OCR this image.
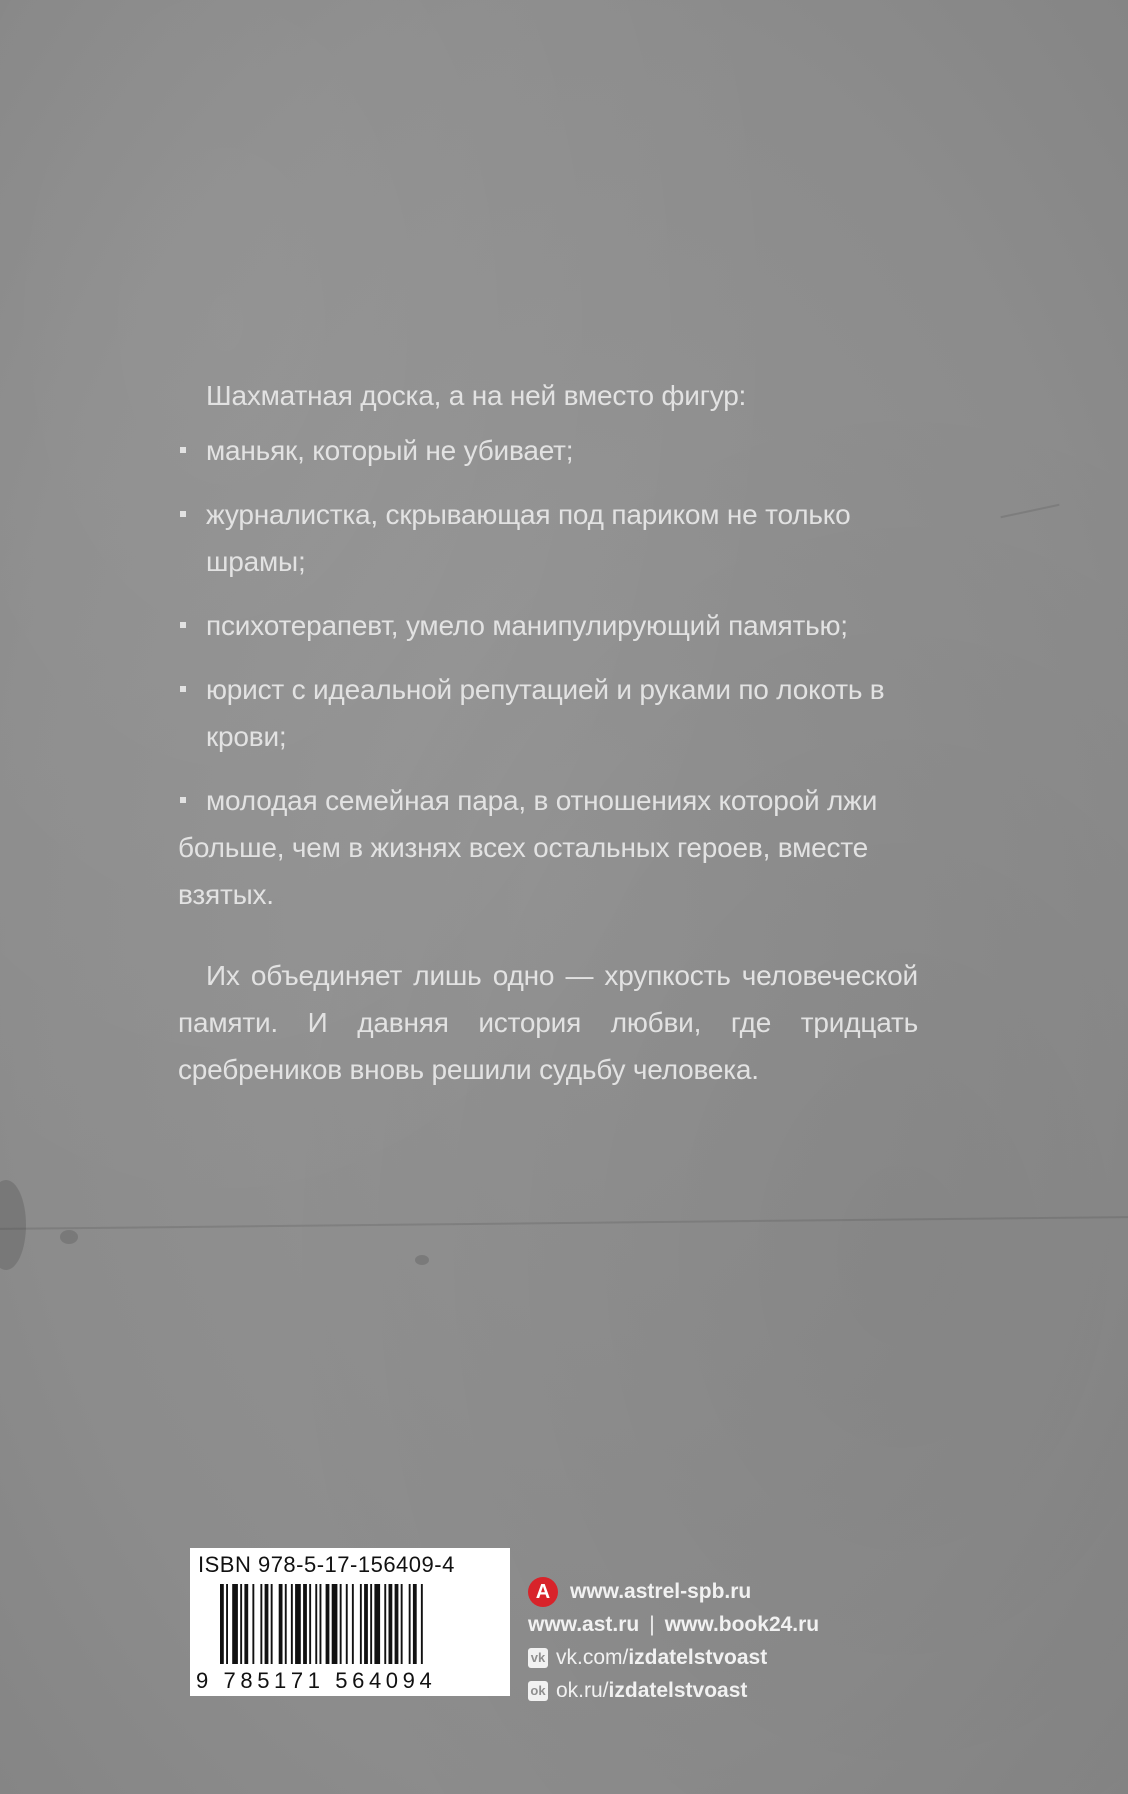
Шахматная доска, а на ней вместо фигур:
маньяк, который не убивает;
журналистка, скрывающая под париком не только шрамы;
психотерапевт, умело манипулирующий памятью;
юрист с идеальной репутацией и руками по локоть в крови;
молодая семейная пара, в отношениях которой лжи больше, чем в жизнях всех остальных героев, вместе взятых.

Их объединяет лишь одно — хрупкость человеческой памяти. И давняя история любви, где тридцать сребреников вновь решили судьбу человека.

ISBN 978-5-17-156409-4
9 785171 564094
A www.astrel-spb.ru
www.ast.ru | www.book24.ru
vk vk.com/izdatelstvoast
ok ok.ru/izdatelstvoast
